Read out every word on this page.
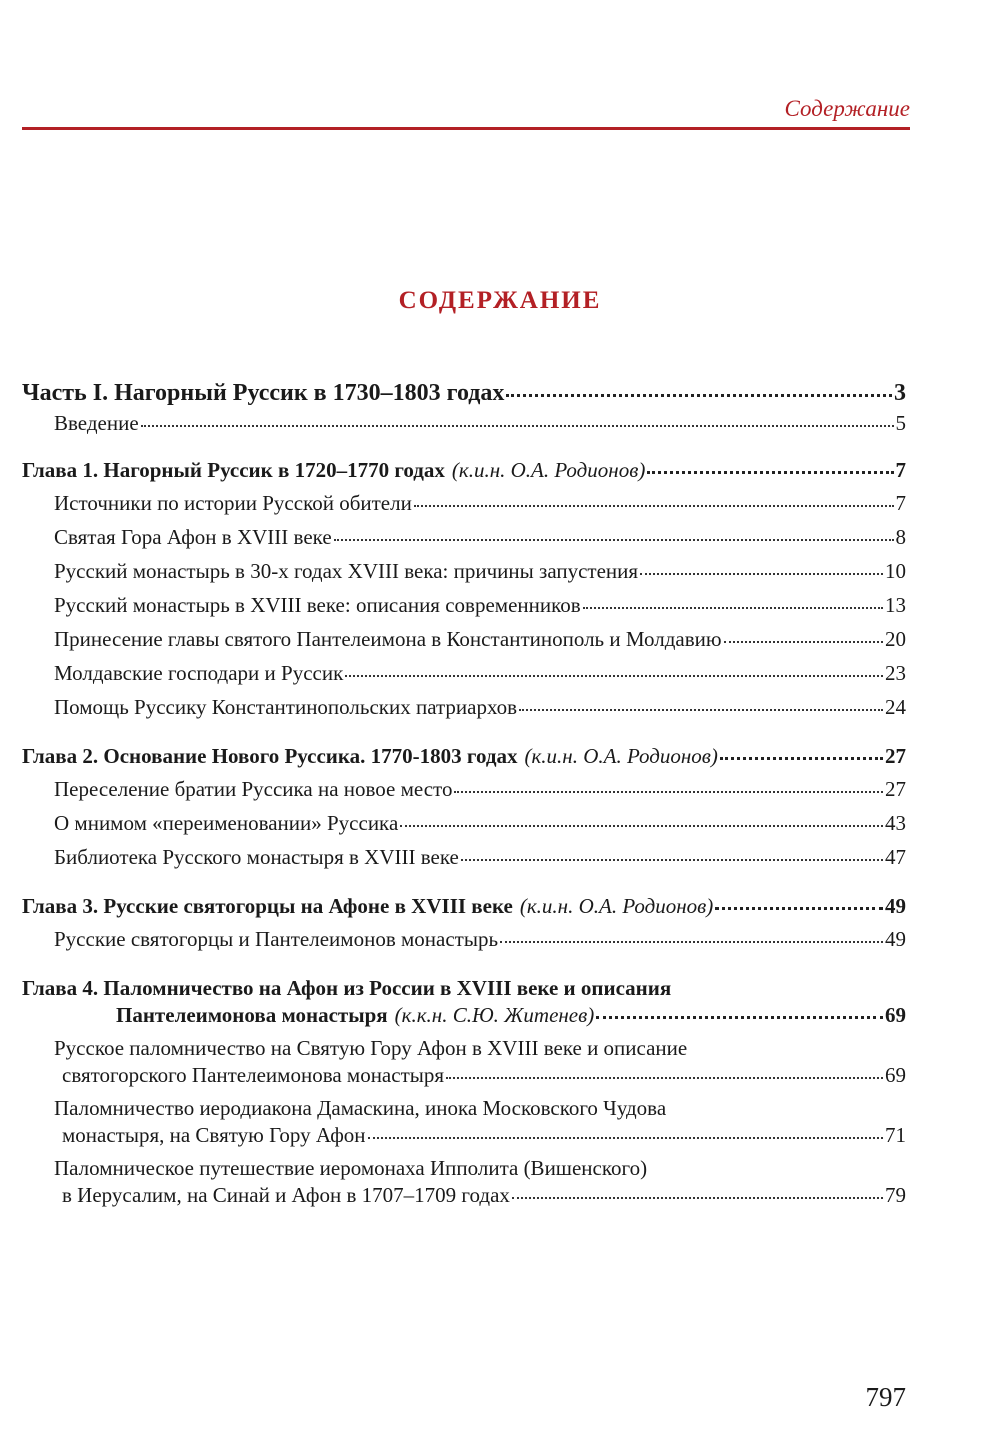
Содержание
СОДЕРЖАНИЕ
Часть I. Нагорный Русcик в 1730–1803 годах	3
Введение	5
Глава 1. Нагорный Руссик в 1720–1770 годах (к.и.н. О.А. Родионов)	7
Источники по истории Русской обители	7
Святая Гора Афон в XVIII веке	8
Русский монастырь в 30-х годах XVIII века: причины запустения	10
Русский монастырь в XVIII веке: описания современников	13
Принесение главы святого Пантелеимона в Константинополь и Молдавию	20
Молдавские господари и Руссик	23
Помощь Руссику Константинопольских патриархов	24
Глава 2. Основание Нового Руссика. 1770-1803 годах (к.и.н. О.А. Родионов)	27
Переселение братии Руссика на новое место	27
О мнимом «переименовании» Руссика	43
Библиотека Русского монастыря в XVIII веке	47
Глава 3. Русские святогорцы на Афоне в XVIII веке (к.и.н. О.А. Родионов)	49
Русские святогорцы и Пантелеимонов монастырь	49
Глава 4. Паломничество на Афон из России в XVIII веке и описания
Пантелеимонова монастыря (к.к.н. С.Ю. Житенев)	69
Русское паломничество на Святую Гору Афон в XVIII веке и описание
святогорского Пантелеимонова монастыря	69
Паломничество иеродиакона Дамаскина, инока Московского Чудова
монастыря, на Святую Гору Афон	71
Паломническое путешествие иеромонаха Ипполита (Вишенского)
в Иерусалим, на Синай и Афон в 1707–1709 годах	79
797
